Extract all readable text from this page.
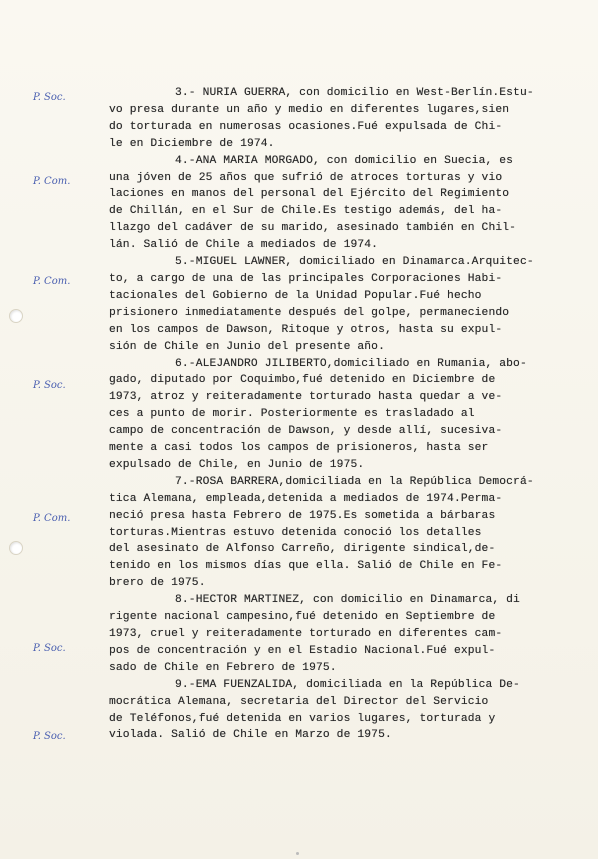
P. Soc.
P. Com.
P. Com.
P. Soc.
P. Com.
P. Soc.
P. Soc.
3.- NURIA GUERRA, con domicilio en West-Berlín.Estu-
vo presa durante un año y medio en diferentes lugares,sien
do torturada en numerosas ocasiones.Fué expulsada de Chi-
le en Diciembre de 1974.
4.-ANA MARIA MORGADO, con domicilio en Suecia, es
una jóven de 25 años que sufrió de atroces torturas y vio
laciones en manos del personal del Ejército del Regimiento
de Chillán, en el Sur de Chile.Es testigo además, del ha-
llazgo del cadáver de su marido, asesinado también en Chil-
lán. Salió de Chile a mediados de 1974.
5.-MIGUEL LAWNER, domiciliado en Dinamarca.Arquitec-
to, a cargo de una de las principales Corporaciones Habi-
tacionales del Gobierno de la Unidad Popular.Fué hecho
prisionero inmediatamente después del golpe, permaneciendo
en los campos de Dawson, Ritoque y otros, hasta su expul-
sión de Chile en Junio del presente año.
6.-ALEJANDRO JILIBERTO,domiciliado en Rumania, abo-
gado, diputado por Coquimbo,fué detenido en Diciembre de
1973, atroz y reiteradamente torturado hasta quedar a ve-
ces a punto de morir. Posteriormente es trasladado al
campo de concentración de Dawson, y desde allí, sucesiva-
mente a casi todos los campos de prisioneros, hasta ser
expulsado de Chile, en Junio de 1975.
7.-ROSA BARRERA,domiciliada en la República Democrá-
tica Alemana, empleada,detenida a mediados de 1974.Perma-
neció presa hasta Febrero de 1975.Es sometida a bárbaras
torturas.Mientras estuvo detenida conoció los detalles
del asesinato de Alfonso Carreño, dirigente sindical,de-
tenido en los mismos días que ella. Salió de Chile en Fe-
brero de 1975.
8.-HECTOR MARTINEZ, con domicilio en Dinamarca, di
rigente nacional campesino,fué detenido en Septiembre de
1973, cruel y reiteradamente torturado en diferentes cam-
pos de concentración y en el Estadio Nacional.Fué expul-
sado de Chile en Febrero de 1975.
9.-EMA FUENZALIDA, domiciliada en la República De-
mocrática Alemana, secretaria del Director del Servicio
de Teléfonos,fué detenida en varios lugares, torturada y
violada. Salió de Chile en Marzo de 1975.
